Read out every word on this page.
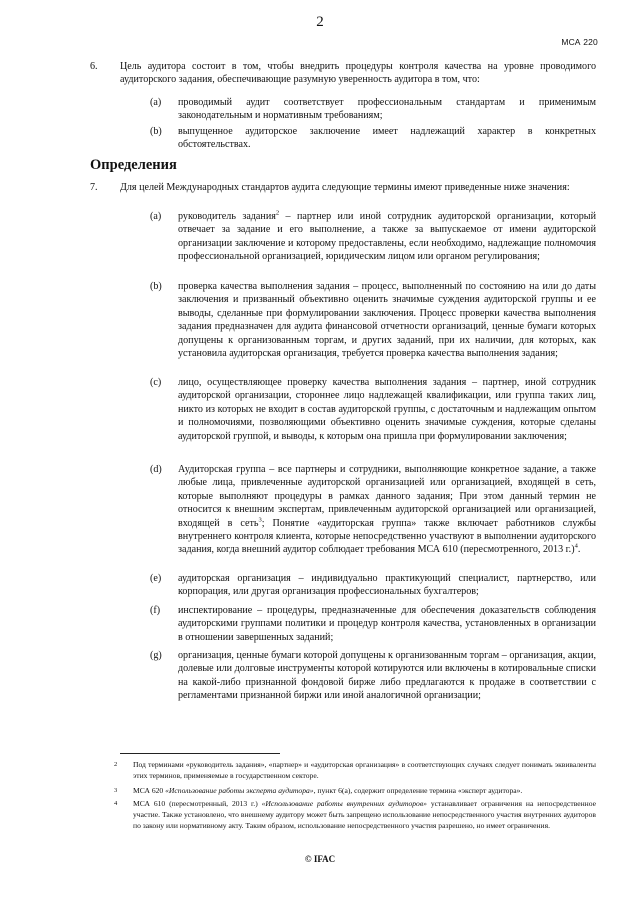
2
МСА 220
6. Цель аудитора состоит в том, чтобы внедрить процедуры контроля качества на уровне проводимого аудиторского задания, обеспечивающие разумную уверенность аудитора в том, что:
(a) проводимый аудит соответствует профессиональным стандартам и применимым законодательным и нормативным требованиям;
(b) выпущенное аудиторское заключение имеет надлежащий характер в конкретных обстоятельствах.
Определения
7. Для целей Международных стандартов аудита следующие термины имеют приведенные ниже значения:
(a) руководитель задания$^2$ – партнер или иной сотрудник аудиторской организации, который отвечает за задание и его выполнение, а также за выпускаемое от имени аудиторской организации заключение и которому предоставлены, если необходимо, надлежащие полномочия профессиональной организацией, юридическим лицом или органом регулирования;
(b) проверка качества выполнения задания – процесс, выполненный по состоянию на или до даты заключения и призванный объективно оценить значимые суждения аудиторской группы и ее выводы, сделанные при формулировании заключения. Процесс проверки качества выполнения задания предназначен для аудита финансовой отчетности организаций, ценные бумаги которых допущены к организованным торгам, и других заданий, при их наличии, для которых, как установила аудиторская организация, требуется проверка качества выполнения задания;
(c) лицо, осуществляющее проверку качества выполнения задания – партнер, иной сотрудник аудиторской организации, стороннее лицо надлежащей квалификации, или группа таких лиц, никто из которых не входит в состав аудиторской группы, с достаточным и надлежащим опытом и полномочиями, позволяющими объективно оценить значимые суждения, которые сделаны аудиторской группой, и выводы, к которым она пришла при формулировании заключения;
(d) Аудиторская группа – все партнеры и сотрудники, выполняющие конкретное задание, а также любые лица, привлеченные аудиторской организацией или организацией, входящей в сеть, которые выполняют процедуры в рамках данного задания; При этом данный термин не относится к внешним экспертам, привлеченным аудиторской организацией или организацией, входящей в сеть$^3$; Понятие «аудиторская группа» также включает работников службы внутреннего контроля клиента, которые непосредственно участвуют в выполнении аудиторского задания, когда внешний аудитор соблюдает требования МСА 610 (пересмотренного, 2013 г.)$^4$.
(e) аудиторская организация – индивидуально практикующий специалист, партнерство, или корпорация, или другая организация профессиональных бухгалтеров;
(f) инспектирование – процедуры, предназначенные для обеспечения доказательств соблюдения аудиторскими группами политики и процедур контроля качества, установленных в организации в отношении завершенных заданий;
(g) организация, ценные бумаги которой допущены к организованным торгам – организация, акции, долевые или долговые инструменты которой котируются или включены в котировальные списки на какой-либо признанной фондовой бирже либо предлагаются к продаже в соответствии с регламентами признанной биржи или иной аналогичной организации;
2 Под терминами «руководитель задания», «партнер» и «аудиторская организация» в соответствующих случаях следует понимать эквиваленты этих терминов, применяемые в государственном секторе.
3 МСА 620 «Использование работы эксперта аудитора», пункт 6(а), содержит определение термина «эксперт аудитора».
4 МСА 610 (пересмотренный, 2013 г.) «Использование работы внутренних аудиторов» устанавливает ограничения на непосредственное участие. Также установлено, что внешнему аудитору может быть запрещено использование непосредственного участия внутренних аудиторов по закону или нормативному акту. Таким образом, использование непосредственного участия разрешено, но имеет ограничения.
© IFAC
